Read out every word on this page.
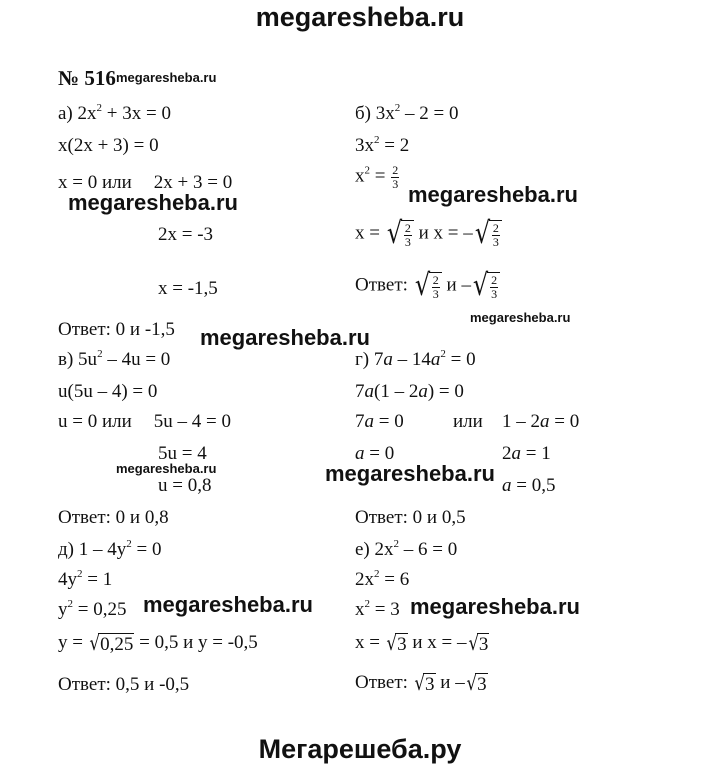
megaresheba.ru
megaresheba.ru
megaresheba.ru	megaresheba.ru
megaresheba.ru
megaresheba.ru
megaresheba.ru	megaresheba.ru
megaresheba.ru	megaresheba.ru
№ 516
а) $2x^2 + 3x = 0$
x(2x + 3) = 0
x = 0 или 2x + 3 = 0
2x = -3
x = -1,5
Ответ: 0 и -1,5
б) $3x^2 - 2 = 0$
$3x^2 = 2$
$x^2 = \frac{2}{3}$
x = √ $\frac{2}{3}$ и x = –√ $\frac{2}{3}$
Ответ: √ $\frac{2}{3}$ и –√ $\frac{2}{3}$
в) $5u^2 - 4u = 0$
u(5u – 4) = 0
u = 0 или 5u – 4 = 0
5u = 4
u = 0,8
Ответ: 0 и 0,8
г) $7a - 14a^2 = 0$
7a(1 – 2a) = 0
7a = 0	или 1 – 2a = 0
a = 0	2a = 1
a = 0,5
Ответ: 0 и 0,5
д) $1 - 4y^2 = 0$
$4y^2 = 1$
$y^2 = 0,25$
y = √0,25 = 0,5 и y = -0,5
Ответ: 0,5 и -0,5
е) $2x^2 - 6 = 0$
$2x^2 = 6$
$x^2 = 3$
x = √3 и x = –√3
Ответ: √3 и –√3
Мегарешеба.ру
